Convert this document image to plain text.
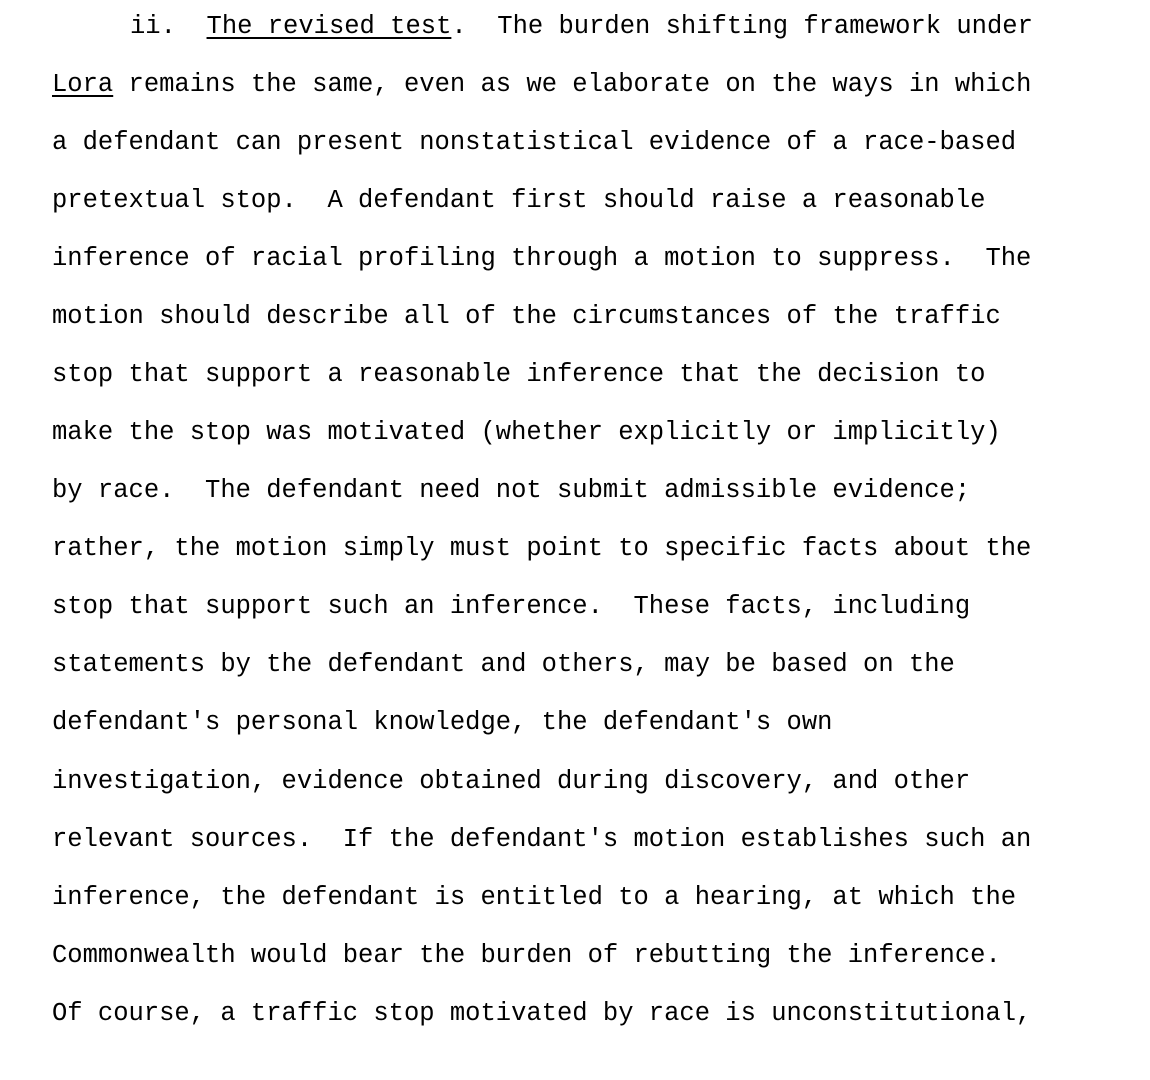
ii. The revised test.  The burden shifting framework under
Lora remains the same, even as we elaborate on the ways in which
a defendant can present nonstatistical evidence of a race-based
pretextual stop.  A defendant first should raise a reasonable
inference of racial profiling through a motion to suppress.  The
motion should describe all of the circumstances of the traffic
stop that support a reasonable inference that the decision to
make the stop was motivated (whether explicitly or implicitly)
by race.  The defendant need not submit admissible evidence;
rather, the motion simply must point to specific facts about the
stop that support such an inference.  These facts, including
statements by the defendant and others, may be based on the
defendant's personal knowledge, the defendant's own
investigation, evidence obtained during discovery, and other
relevant sources.  If the defendant's motion establishes such an
inference, the defendant is entitled to a hearing, at which the
Commonwealth would bear the burden of rebutting the inference.
Of course, a traffic stop motivated by race is unconstitutional,
